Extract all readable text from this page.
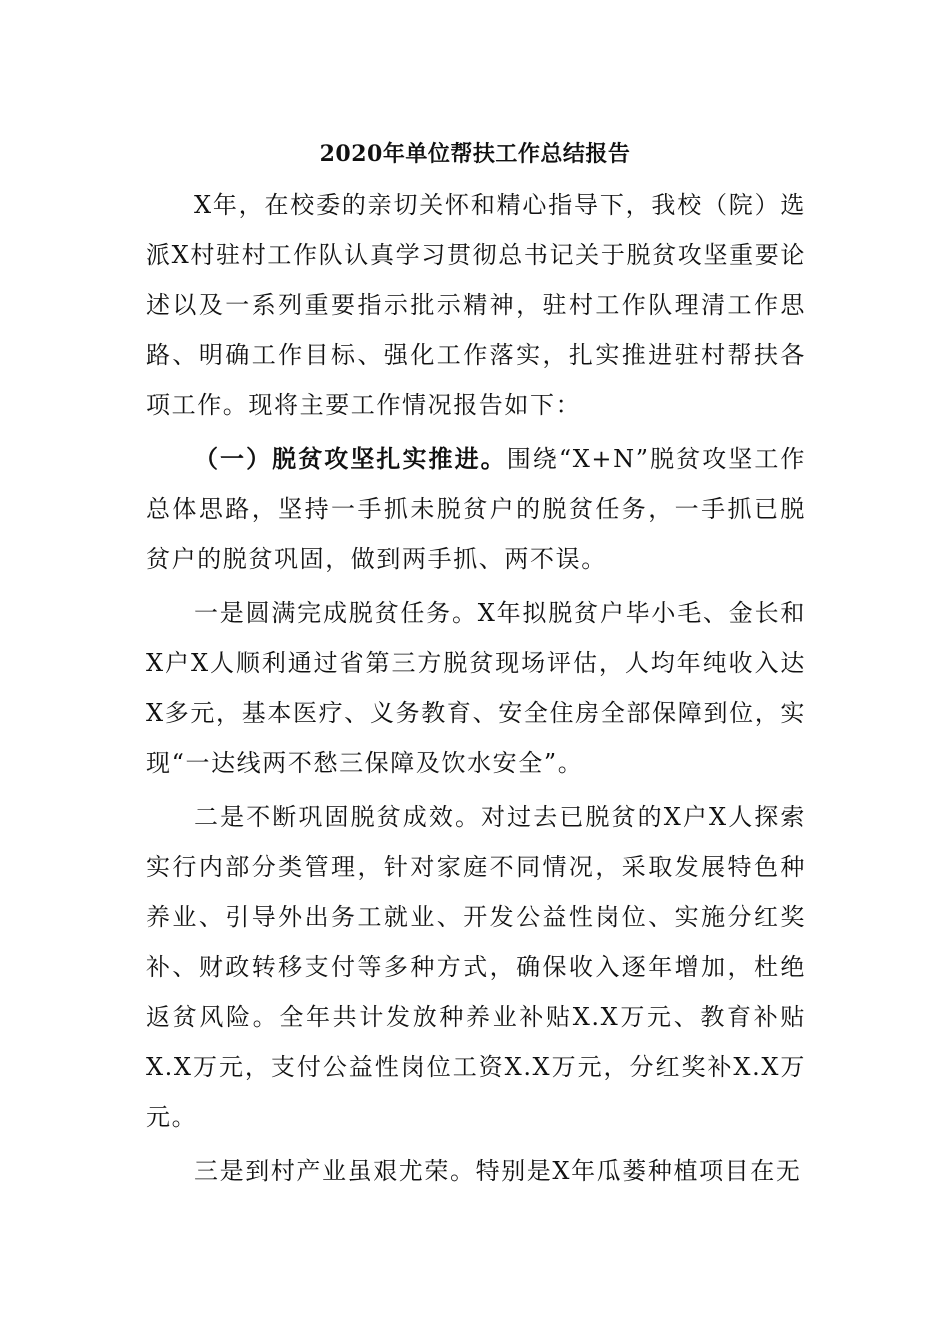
2020年单位帮扶工作总结报告

X年，在校委的亲切关怀和精心指导下，我校（院）选派X村驻村工作队认真学习贯彻总书记关于脱贫攻坚重要论述以及一系列重要指示批示精神，驻村工作队理清工作思路、明确工作目标、强化工作落实，扎实推进驻村帮扶各项工作。现将主要工作情况报告如下：

（一）脱贫攻坚扎实推进。围绕“X+N”脱贫攻坚工作总体思路，坚持一手抓未脱贫户的脱贫任务，一手抓已脱贫户的脱贫巩固，做到两手抓、两不误。

一是圆满完成脱贫任务。X年拟脱贫户毕小毛、金长和X户X人顺利通过省第三方脱贫现场评估，人均年纯收入达X多元，基本医疗、义务教育、安全住房全部保障到位，实现“一达线两不愁三保障及饮水安全”。

二是不断巩固脱贫成效。对过去已脱贫的X户X人探索实行内部分类管理，针对家庭不同情况，采取发展特色种养业、引导外出务工就业、开发公益性岗位、实施分红奖补、财政转移支付等多种方式，确保收入逐年增加，杜绝返贫风险。全年共计发放种养业补贴X.X万元、教育补贴X.X万元，支付公益性岗位工资X.X万元，分红奖补X.X万元。

三是到村产业虽艰尤荣。特别是X年瓜蒌种植项目在无
